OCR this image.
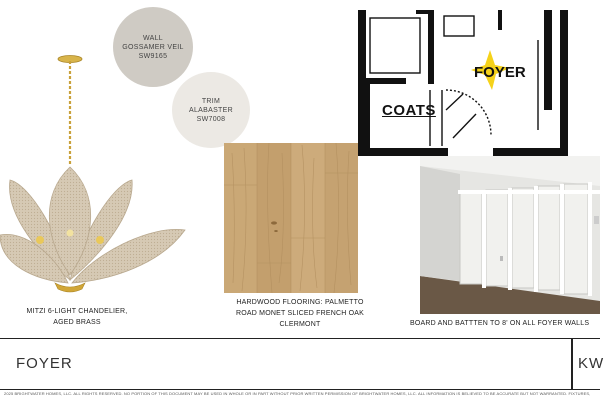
WALL
GOSSAMER VEIL
SW9165
TRIM
ALABASTER
SW7008	COATS
FOYER
MITZI 6-LIGHT CHANDELIER,
AGED BRASS
HARDWOOD FLOORING: PALMETTO
ROAD MONET SLICED FRENCH OAK
CLERMONT	BOARD AND BATTTEN TO 8' ON ALL FOYER WALLS
FOYER	KW
2025 BRIGHTWATER HOMES, LLC. ALL RIGHTS RESERVED. NO PORTION OF THIS DOCUMENT MAY BE USED IN WHOLE OR IN PART WITHOUT PRIOR WRITTEN PERMISSION OF BRIGHTWATER HOMES, LLC. ALL INFORMATION IS BELIEVED TO BE ACCURATE BUT NOT WARRANTED. FIXTURES,
